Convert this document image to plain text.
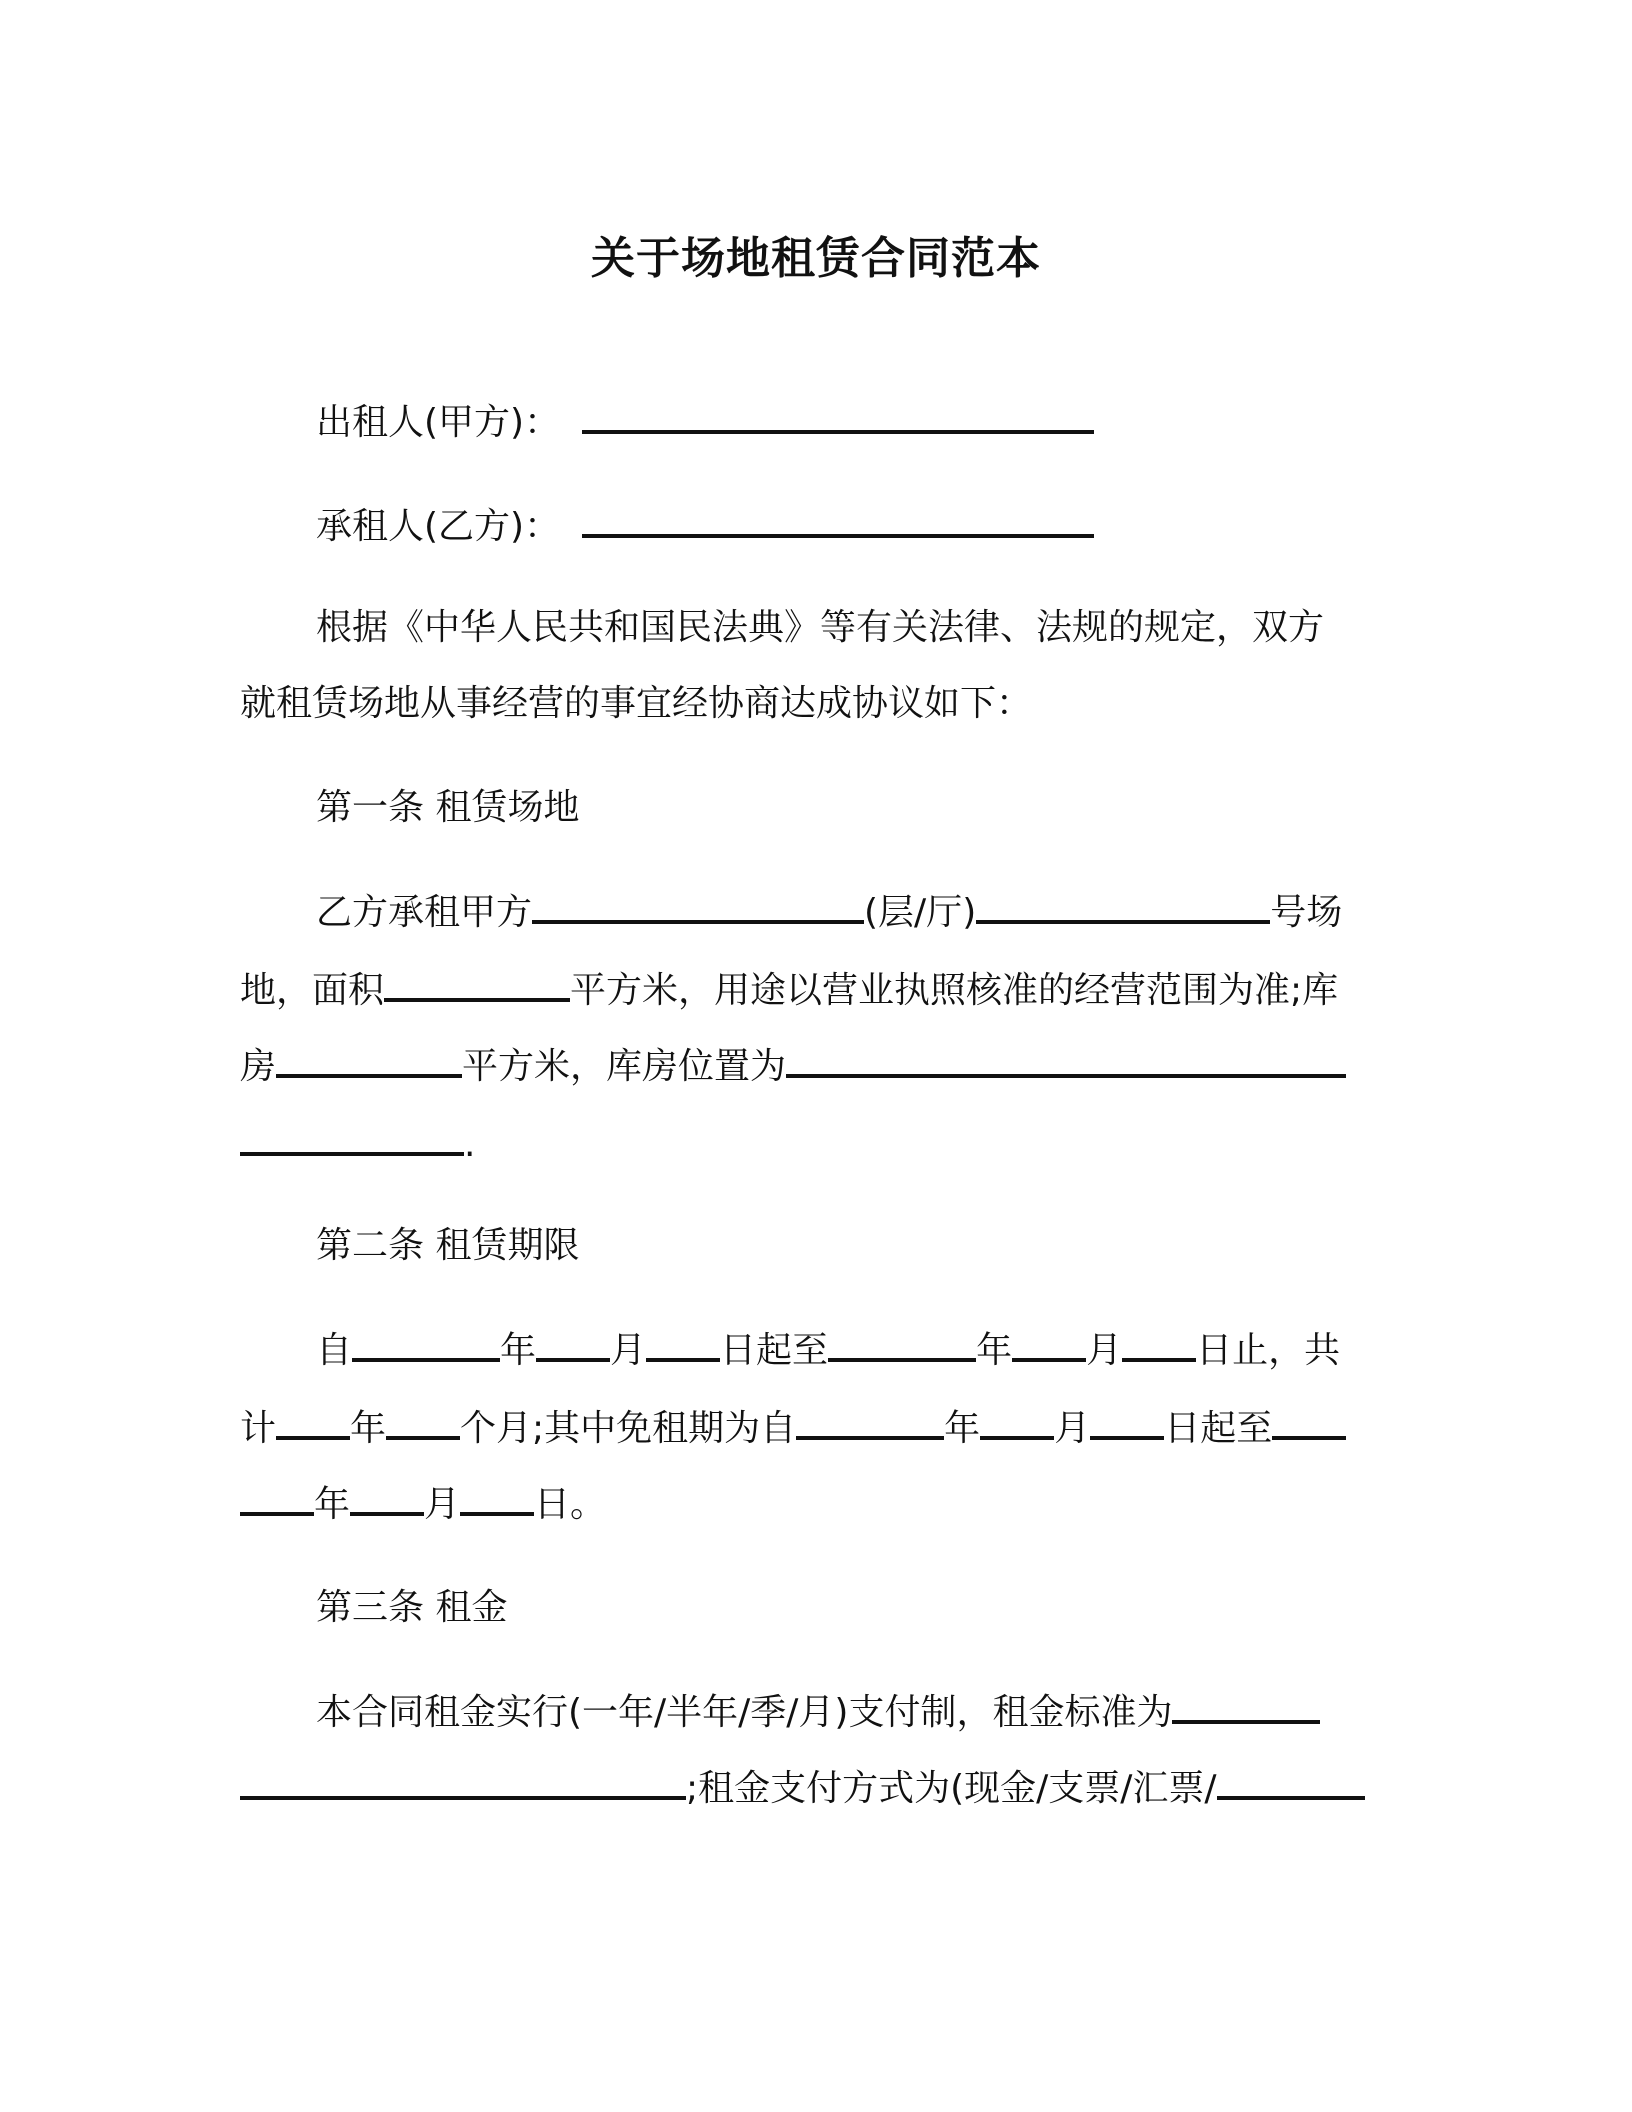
关于场地租赁合同范本
出租人(甲方)：
承租人(乙方)：
根据《中华人民共和国民法典》等有关法律、法规的规定，双方
就租赁场地从事经营的事宜经协商达成协议如下：
第一条 租赁场地
乙方承租甲方	(层/厅)	号场
地，面积	平方米，用途以营业执照核准的经营范围为准;库
房	平方米，库房位置为
.
第二条 租赁期限
自	年 月 日起至	年 月 日止，共
计 年 个月;其中免租期为自	年 月 日起至
年 月 日。
第三条 租金
本合同租金实行(一年/半年/季/月)支付制，租金标准为
;租金支付方式为(现金/支票/汇票/
